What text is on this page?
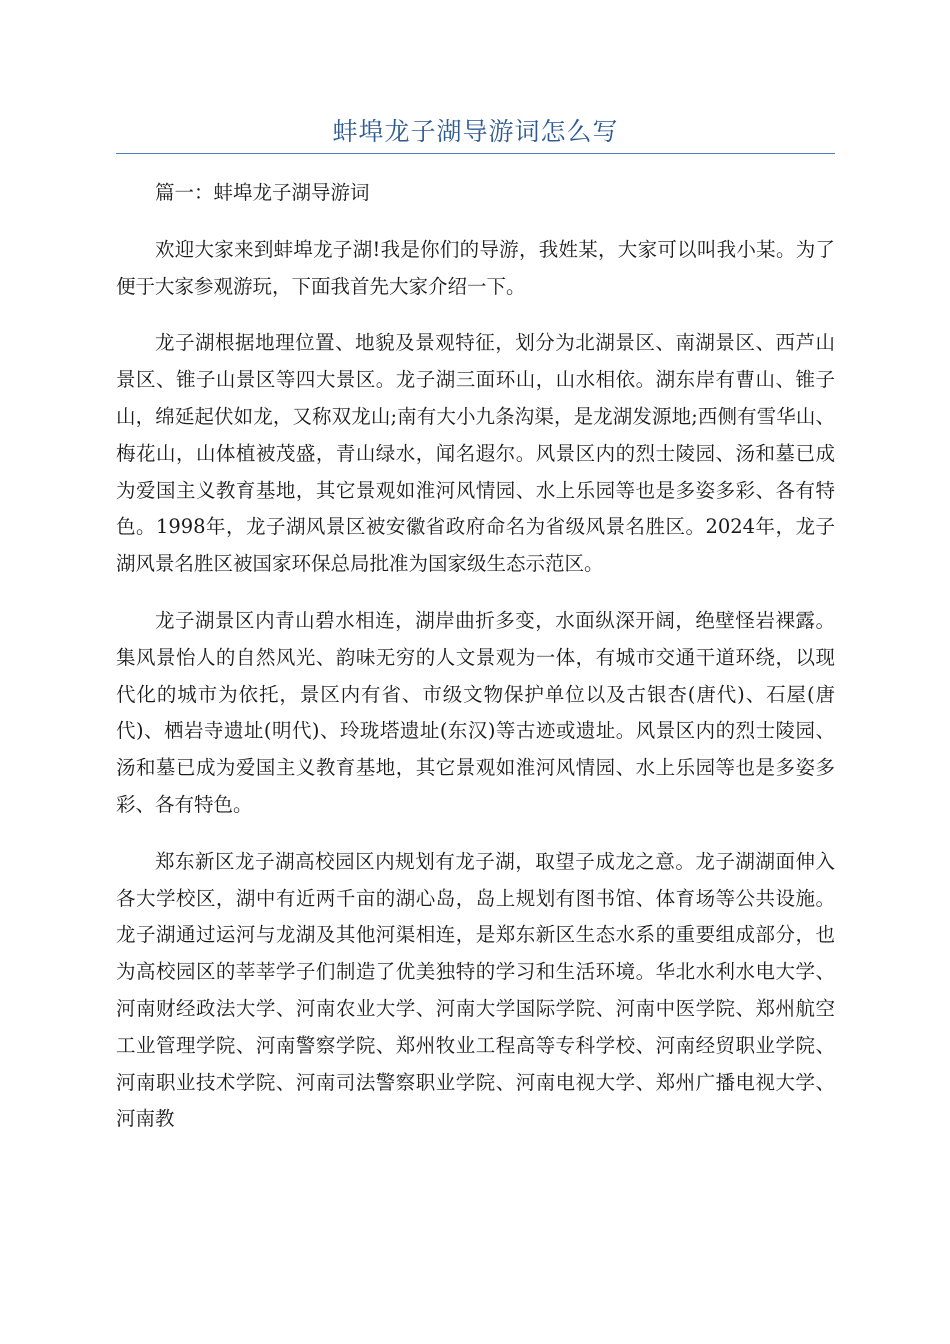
蚌埠龙子湖导游词怎么写

篇一：蚌埠龙子湖导游词

欢迎大家来到蚌埠龙子湖!我是你们的导游，我姓某，大家可以叫我小某。为了便于大家参观游玩，下面我首先大家介绍一下。

龙子湖根据地理位置、地貌及景观特征，划分为北湖景区、南湖景区、西芦山景区、锥子山景区等四大景区。龙子湖三面环山，山水相依。湖东岸有曹山、锥子山，绵延起伏如龙，又称双龙山;南有大小九条沟渠，是龙湖发源地;西侧有雪华山、梅花山，山体植被茂盛，青山绿水，闻名遐尔。风景区内的烈士陵园、汤和墓已成为爱国主义教育基地，其它景观如淮河风情园、水上乐园等也是多姿多彩、各有特色。1998年，龙子湖风景区被安徽省政府命名为省级风景名胜区。2024年，龙子湖风景名胜区被国家环保总局批准为国家级生态示范区。

龙子湖景区内青山碧水相连，湖岸曲折多变，水面纵深开阔，绝壁怪岩裸露。集风景怡人的自然风光、韵味无穷的人文景观为一体，有城市交通干道环绕，以现代化的城市为依托，景区内有省、市级文物保护单位以及古银杏(唐代)、石屋(唐代)、栖岩寺遗址(明代)、玲珑塔遗址(东汉)等古迹或遗址。风景区内的烈士陵园、汤和墓已成为爱国主义教育基地，其它景观如淮河风情园、水上乐园等也是多姿多彩、各有特色。

郑东新区龙子湖高校园区内规划有龙子湖，取望子成龙之意。龙子湖湖面伸入各大学校区，湖中有近两千亩的湖心岛，岛上规划有图书馆、体育场等公共设施。龙子湖通过运河与龙湖及其他河渠相连，是郑东新区生态水系的重要组成部分，也为高校园区的莘莘学子们制造了优美独特的学习和生活环境。华北水利水电大学、河南财经政法大学、河南农业大学、河南大学国际学院、河南中医学院、郑州航空工业管理学院、河南警察学院、郑州牧业工程高等专科学校、河南经贸职业学院、河南职业技术学院、河南司法警察职业学院、河南电视大学、郑州广播电视大学、河南教
